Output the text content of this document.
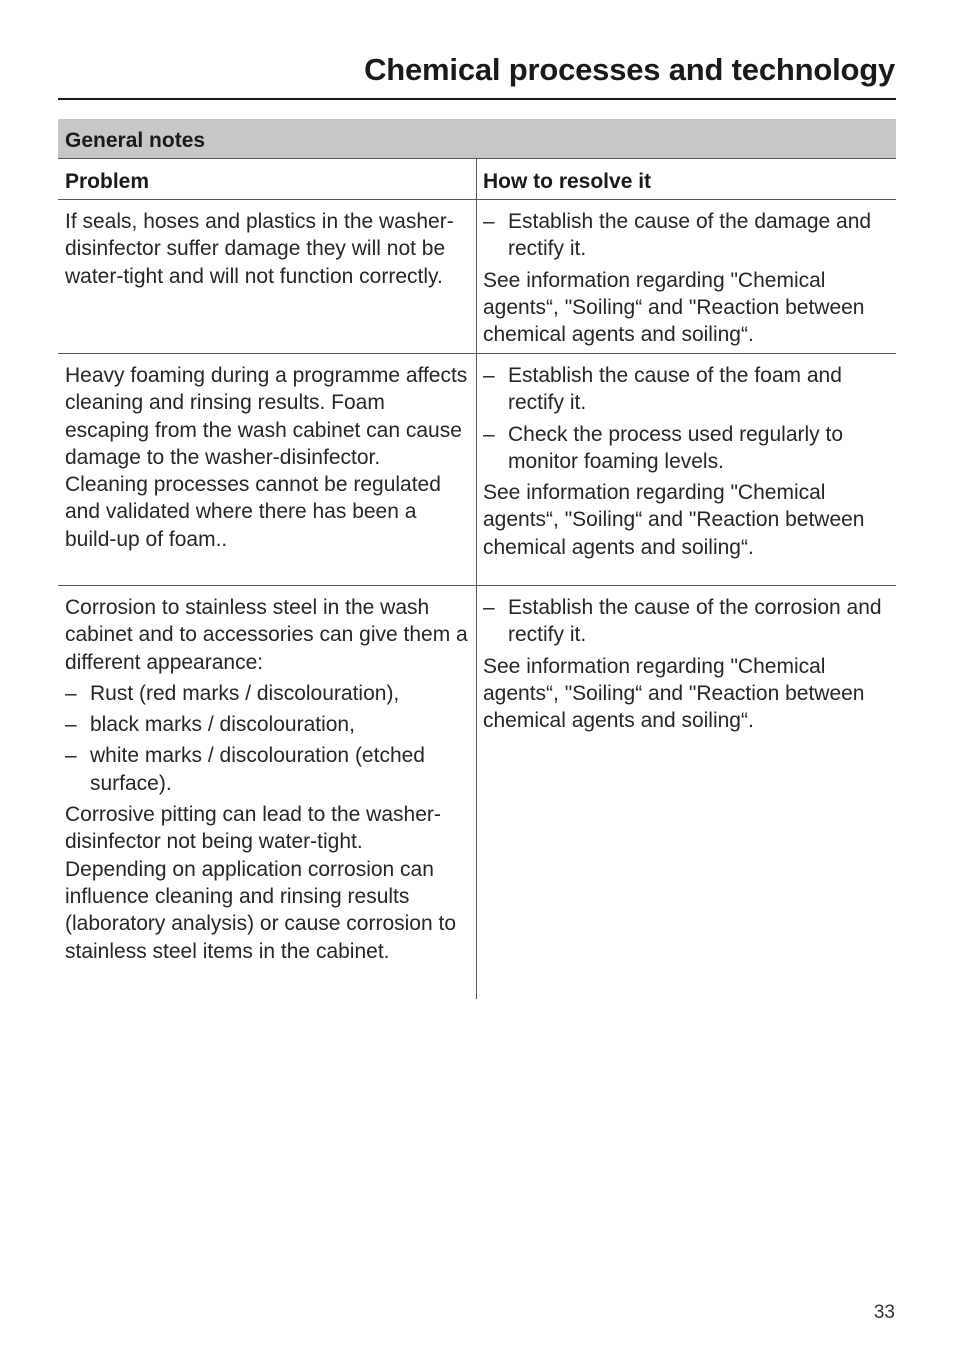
Chemical processes and technology
General notes
Problem	How to resolve it

If seals, hoses and plastics in the washer-disinfector suffer damage they will not be water-tight and will not function correctly.

– Establish the cause of the damage and rectify it.

See information regarding "Chemical agents“, "Soiling“ and "Reaction between chemical agents and soiling“.

Heavy foaming during a programme affects cleaning and rinsing results. Foam escaping from the wash cabinet can cause damage to the washer-disinfector.

Cleaning processes cannot be regulated and validated where there has been a build-up of foam..

– Establish the cause of the foam and rectify it.
– Check the process used regularly to monitor foaming levels.

See information regarding "Chemical agents“, "Soiling“ and "Reaction between chemical agents and soiling“.

Corrosion to stainless steel in the wash cabinet and to accessories can give them a different appearance:

– Rust (red marks / discolouration),
– black marks / discolouration,
– white marks / discolouration (etched surface).

Corrosive pitting can lead to the washer-disinfector not being water-tight. Depending on application corrosion can influence cleaning and rinsing results (laboratory analysis) or cause corrosion to stainless steel items in the cabinet.

– Establish the cause of the corrosion and rectify it.

See information regarding "Chemical agents“, "Soiling“ and "Reaction between chemical agents and soiling“.

33
